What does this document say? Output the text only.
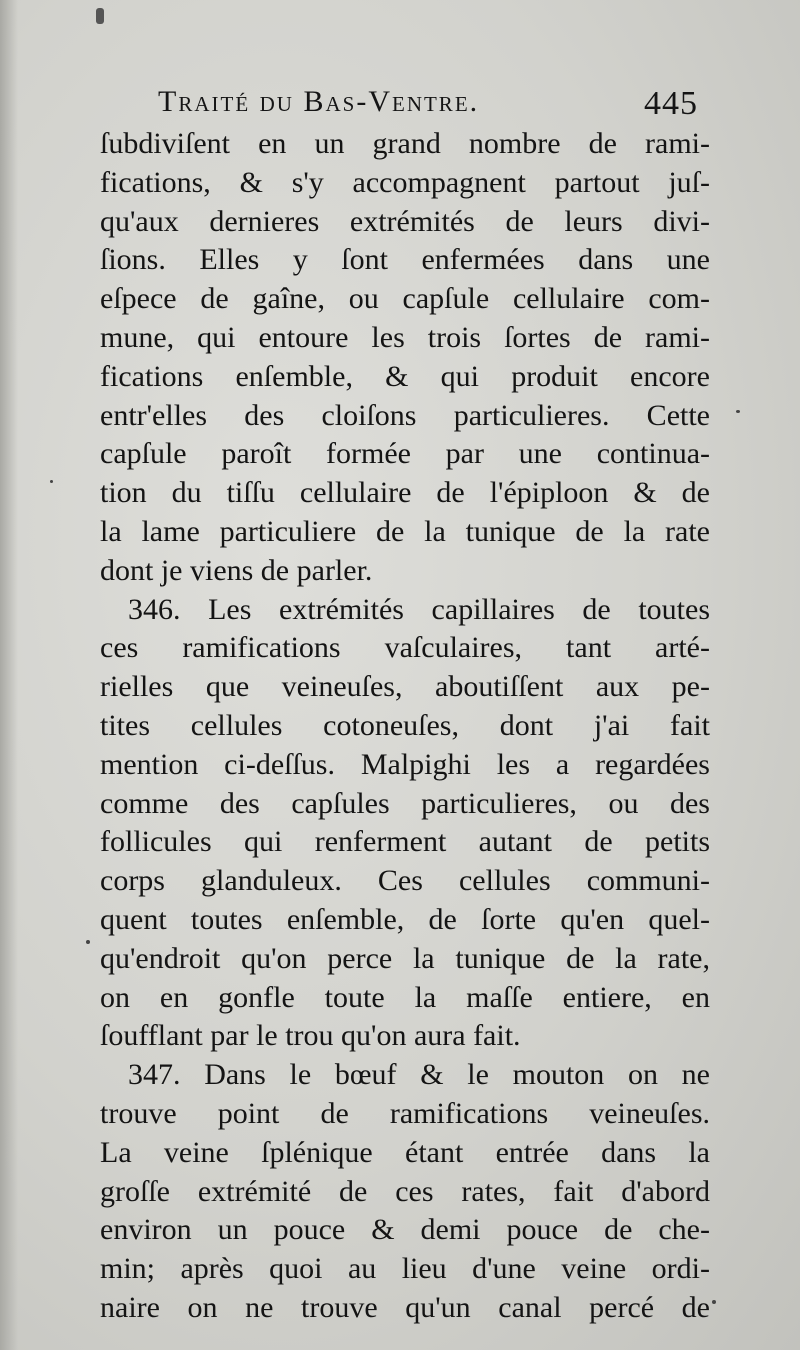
Traité du Bas-Ventre.	445
ſubdiviſent en un grand nombre de rami-
fications, & s'y accompagnent partout juſ-
qu'aux dernieres extrémités de leurs divi-
ſions. Elles y ſont enfermées dans une
eſpece de gaîne, ou capſule cellulaire com-
mune, qui entoure les trois ſortes de rami-
fications enſemble, & qui produit encore
entr'elles des cloiſons particulieres. Cette
capſule paroît formée par une continua-
tion du tiſſu cellulaire de l'épiploon & de
la lame particuliere de la tunique de la rate
dont je viens de parler.
346. Les extrémités capillaires de toutes
ces ramifications vaſculaires, tant arté-
rielles que veineuſes, aboutiſſent aux pe-
tites cellules cotoneuſes, dont j'ai fait
mention ci-deſſus. Malpighi les a regardées
comme des capſules particulieres, ou des
follicules qui renferment autant de petits
corps glanduleux. Ces cellules communi-
quent toutes enſemble, de ſorte qu'en quel-
qu'endroit qu'on perce la tunique de la rate,
on en gonfle toute la maſſe entiere, en
ſoufflant par le trou qu'on aura fait.
347. Dans le bœuf & le mouton on ne
trouve point de ramifications veineuſes.
La veine ſplénique étant entrée dans la
groſſe extrémité de ces rates, fait d'abord
environ un pouce & demi pouce de che-
min; après quoi au lieu d'une veine ordi-
naire on ne trouve qu'un canal percé de
